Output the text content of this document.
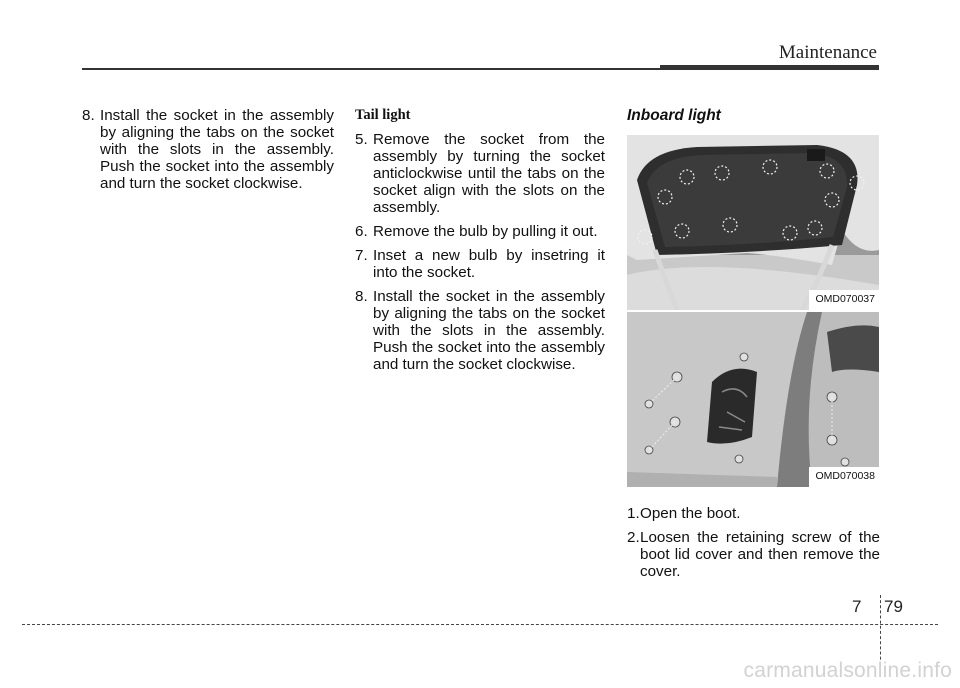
Maintenance

8. Install the socket in the assembly by aligning the tabs on the socket with the slots in the assembly. Push the socket into the assembly and turn the socket clockwise.

Tail light

5. Remove the socket from the assembly by turning the socket anticlockwise until the tabs on the socket align with the slots on the assembly.

6. Remove the bulb by pulling it out.

7. Inset a new bulb by insetring it into the socket.

8. Install the socket in the assembly by aligning the tabs on the socket with the slots in the assembly. Push the socket into the assembly and turn the socket clockwise.

Inboard light
OMD070037
OMD070038

1.Open the boot.

2.Loosen the retaining screw of the boot lid cover and then remove the cover.

7 79
carmanualsonline.info
